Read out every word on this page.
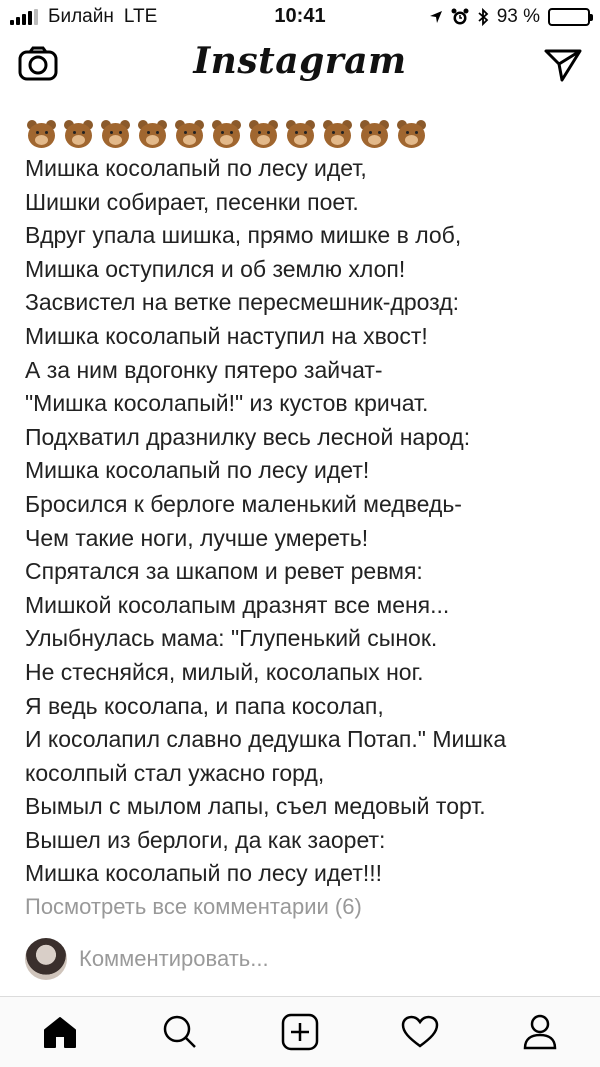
Билайн LTE	10:41	93 %
Instagram
Мишка косолапый по лесу идет,
Шишки собирает, песенки поет.
Вдруг упала шишка, прямо мишке в лоб,
Мишка оступился и об землю хлоп!
Засвистел на ветке пересмешник-дрозд:
Мишка косолапый наступил на хвост!
А за ним вдогонку пятеро зайчат-
"Мишка косолапый!" из кустов кричат.
Подхватил дразнилку весь лесной народ:
Мишка косолапый по лесу идет!
Бросился к берлоге маленький медведь-
Чем такие ноги, лучше умереть!
Спрятался за шкапом и ревет ревмя:
Мишкой косолапым дразнят все меня...
Улыбнулась мама: "Глупенький сынок.
Не стесняйся, милый, косолапых ног.
Я ведь косолапа, и папа косолап,
И косолапил славно дедушка Потап." Мишка
косолпый стал ужасно горд,
Вымыл с мылом лапы, съел медовый торт.
Вышел из берлоги, да как заорет:
Мишка косолапый по лесу идет!!!
Посмотреть все комментарии (6)
Комментировать...
